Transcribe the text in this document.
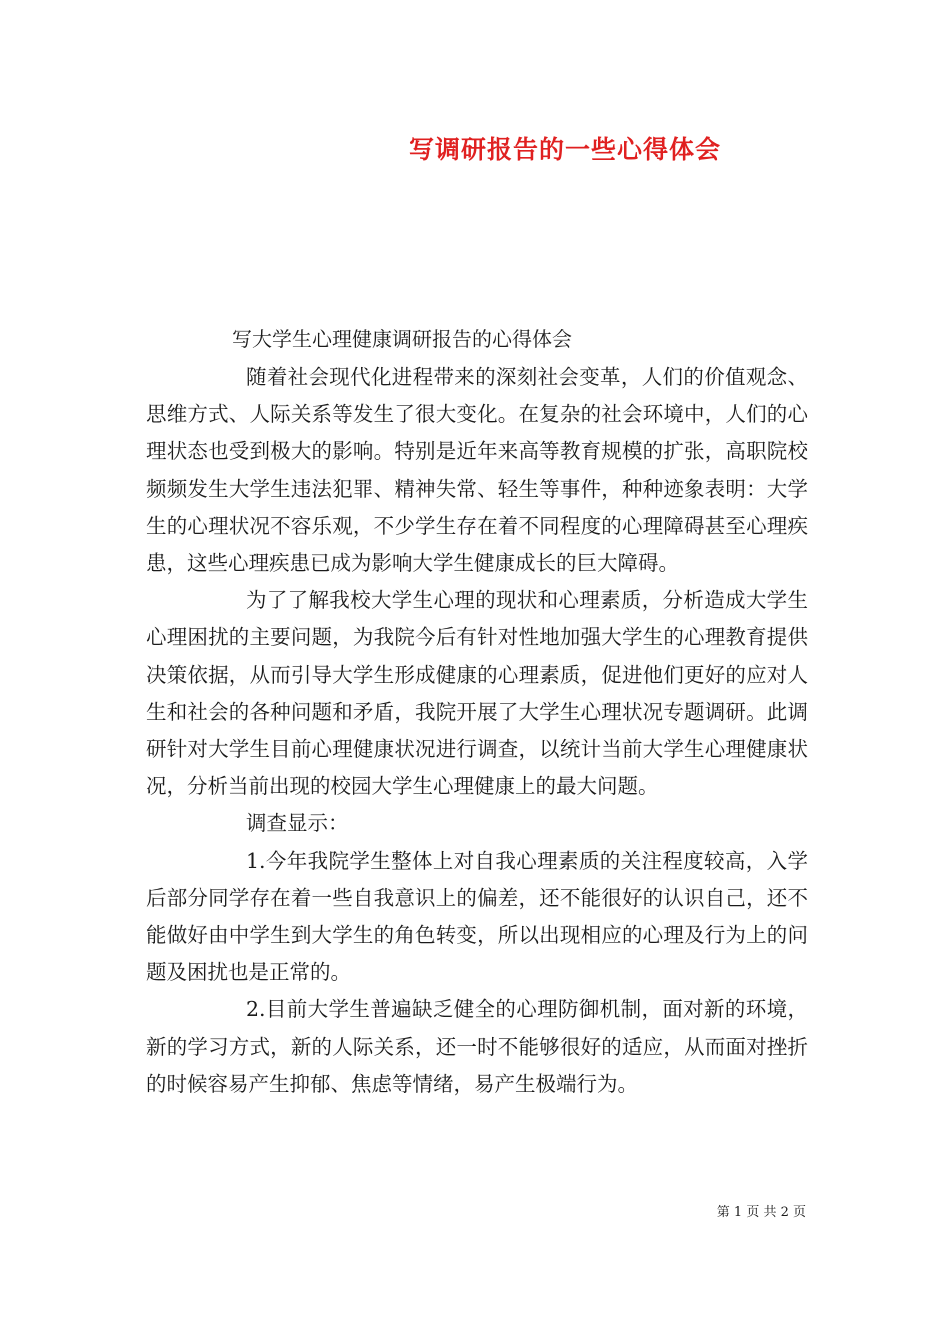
写调研报告的一些心得体会

写大学生心理健康调研报告的心得体会

随着社会现代化进程带来的深刻社会变革，人们的价值观念、思维方式、人际关系等发生了很大变化。在复杂的社会环境中，人们的心理状态也受到极大的影响。特别是近年来高等教育规模的扩张，高职院校频频发生大学生违法犯罪、精神失常、轻生等事件，种种迹象表明：大学生的心理状况不容乐观，不少学生存在着不同程度的心理障碍甚至心理疾患，这些心理疾患已成为影响大学生健康成长的巨大障碍。

为了了解我校大学生心理的现状和心理素质，分析造成大学生心理困扰的主要问题，为我院今后有针对性地加强大学生的心理教育提供决策依据，从而引导大学生形成健康的心理素质，促进他们更好的应对人生和社会的各种问题和矛盾，我院开展了大学生心理状况专题调研。此调研针对大学生目前心理健康状况进行调查，以统计当前大学生心理健康状况，分析当前出现的校园大学生心理健康上的最大问题。

调查显示：

1.今年我院学生整体上对自我心理素质的关注程度较高，入学后部分同学存在着一些自我意识上的偏差，还不能很好的认识自己，还不能做好由中学生到大学生的角色转变，所以出现相应的心理及行为上的问题及困扰也是正常的。

2.目前大学生普遍缺乏健全的心理防御机制，面对新的环境，新的学习方式，新的人际关系，还一时不能够很好的适应，从而面对挫折的时候容易产生抑郁、焦虑等情绪，易产生极端行为。

第 1 页 共 2 页
